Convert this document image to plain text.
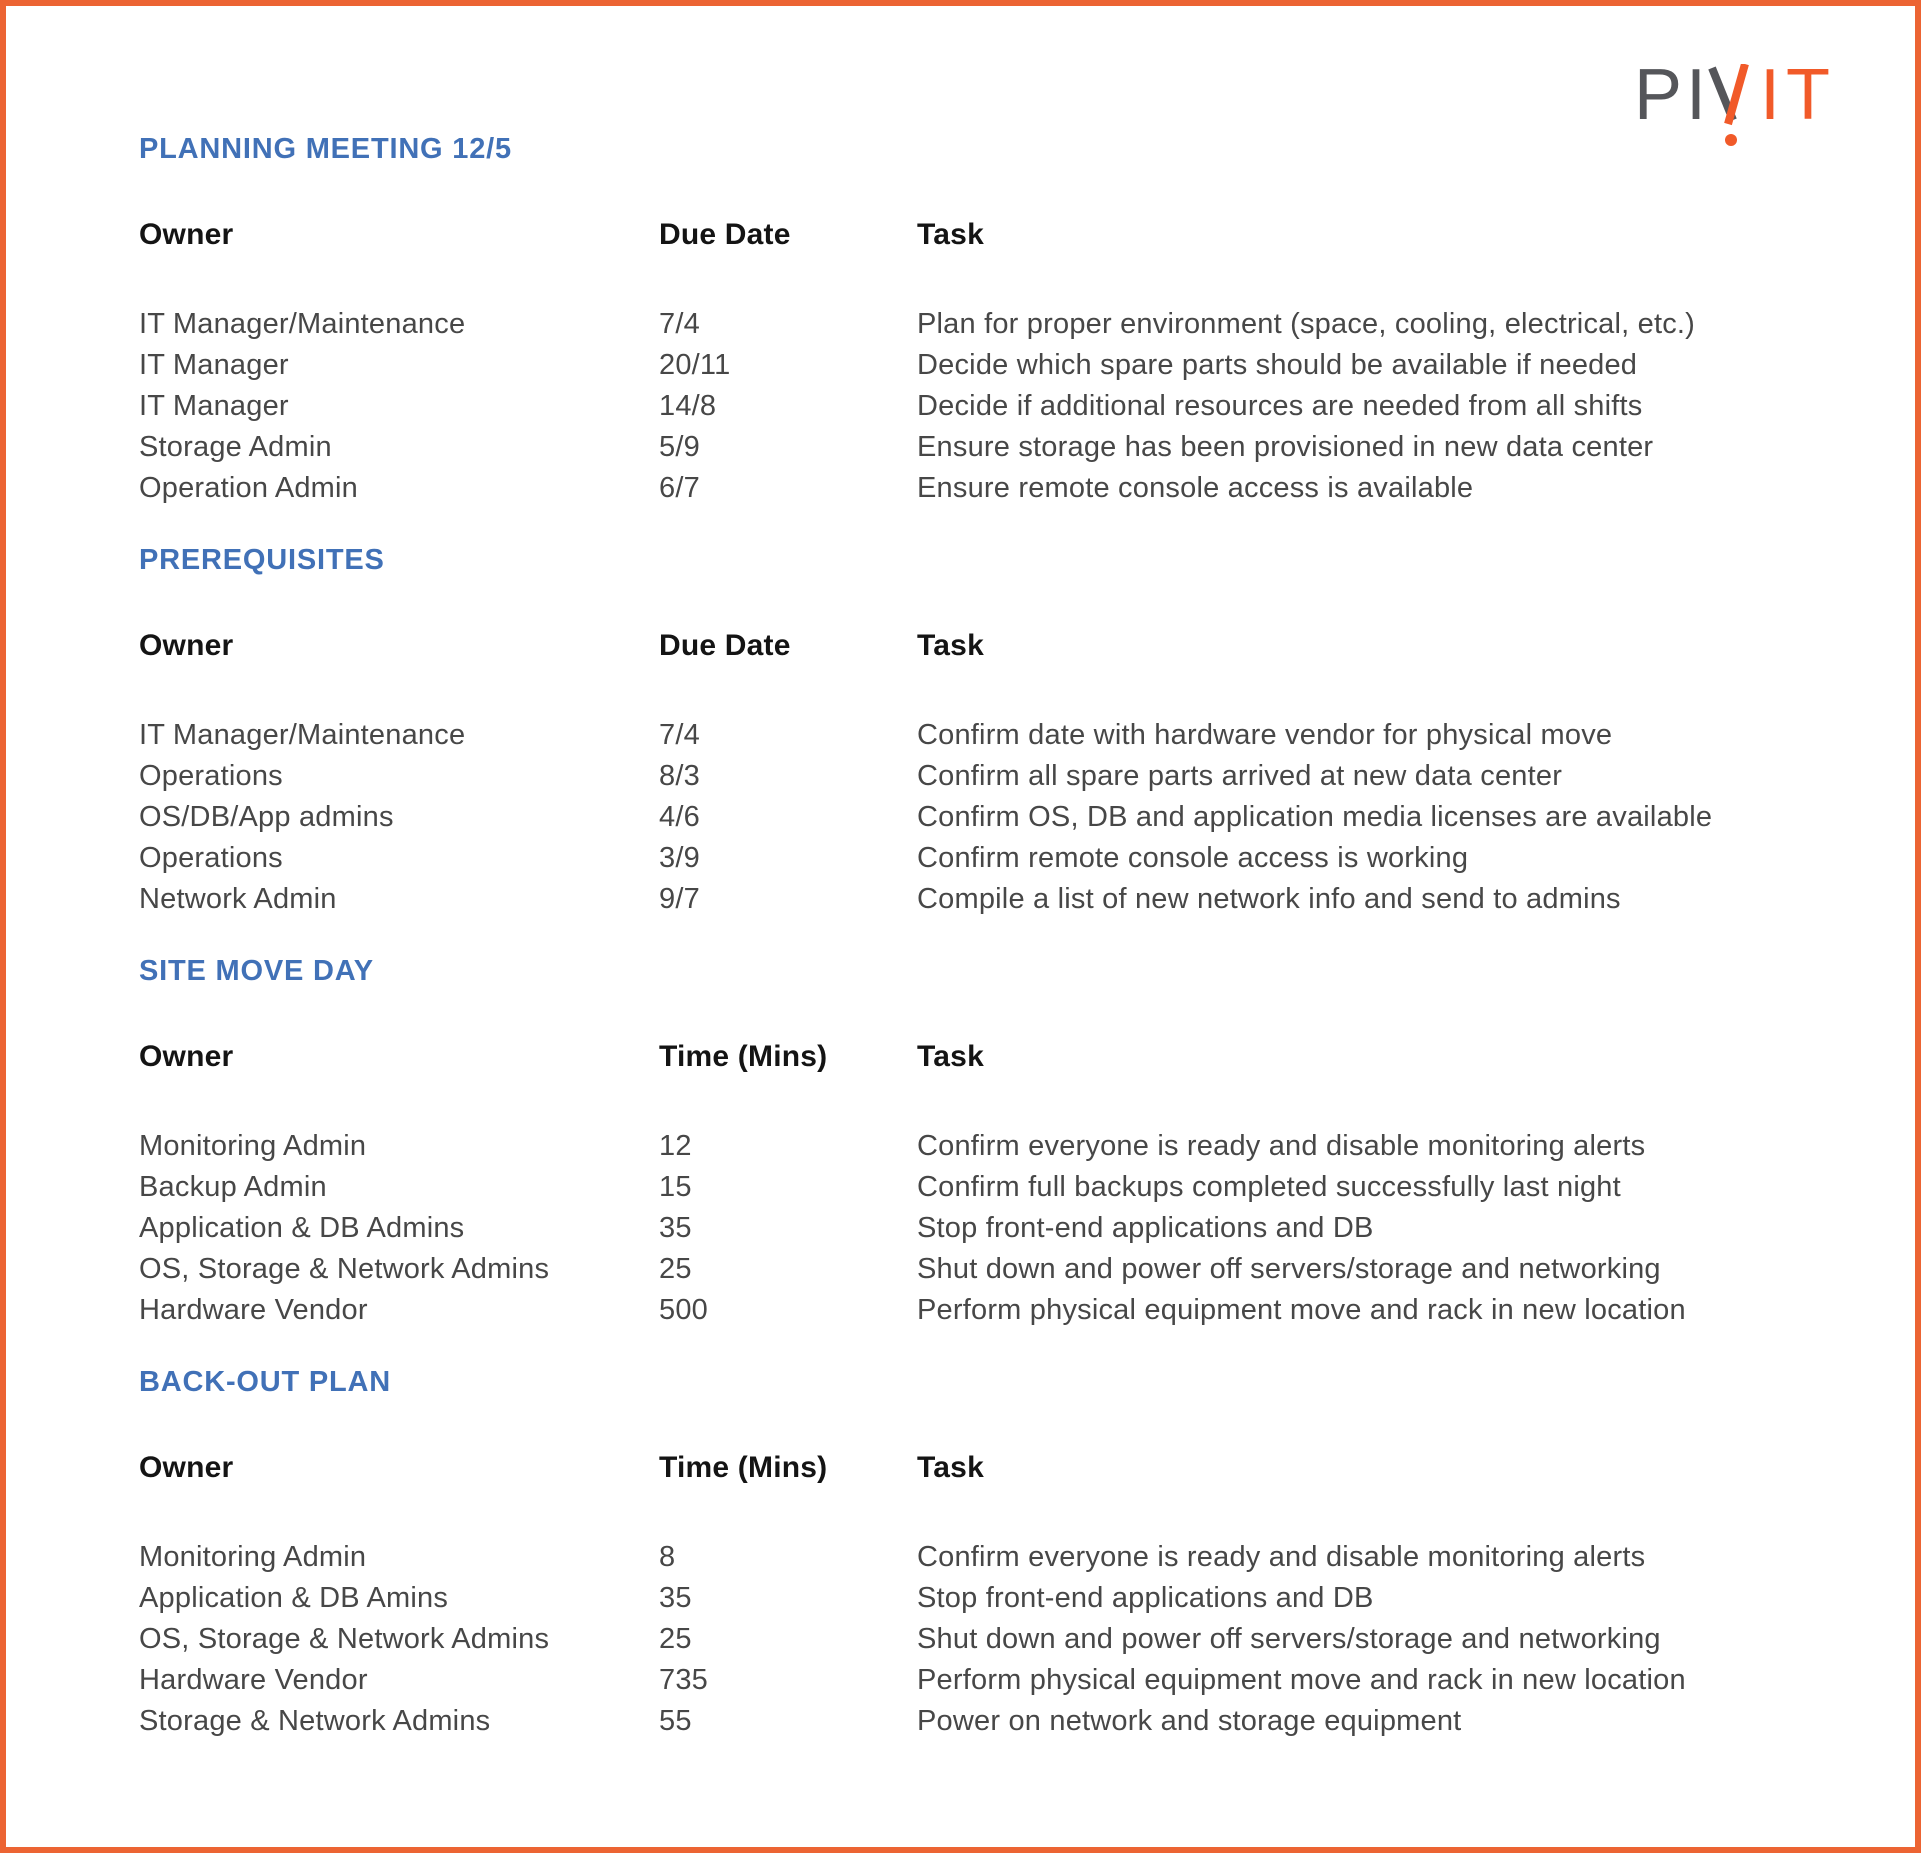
PI IT
PLANNING MEETING 12/5
Owner	Due Date	Task
IT Manager/Maintenance	7/4	Plan for proper environment (space, cooling, electrical, etc.)
IT Manager	20/11	Decide which spare parts should be available if needed
IT Manager	14/8	Decide if additional resources are needed from all shifts
Storage Admin	5/9	Ensure storage has been provisioned in new data center
Operation Admin	6/7	Ensure remote console access is available
PREREQUISITES
Owner	Due Date	Task
IT Manager/Maintenance	7/4	Confirm date with hardware vendor for physical move
Operations	8/3	Confirm all spare parts arrived at new data center
OS/DB/App admins	4/6	Confirm OS, DB and application media licenses are available
Operations	3/9	Confirm remote console access is working
Network Admin	9/7	Compile a list of new network info and send to admins
SITE MOVE DAY
Owner	Time (Mins)	Task
Monitoring Admin	12	Confirm everyone is ready and disable monitoring alerts
Backup Admin	15	Confirm full backups completed successfully last night
Application & DB Admins	35	Stop front-end applications and DB
OS, Storage & Network Admins	25	Shut down and power off servers/storage and networking
Hardware Vendor	500	Perform physical equipment move and rack in new location
BACK-OUT PLAN
Owner	Time (Mins)	Task
Monitoring Admin	8	Confirm everyone is ready and disable monitoring alerts
Application & DB Amins	35	Stop front-end applications and DB
OS, Storage & Network Admins	25	Shut down and power off servers/storage and networking
Hardware Vendor	735	Perform physical equipment move and rack in new location
Storage & Network Admins	55	Power on network and storage equipment
